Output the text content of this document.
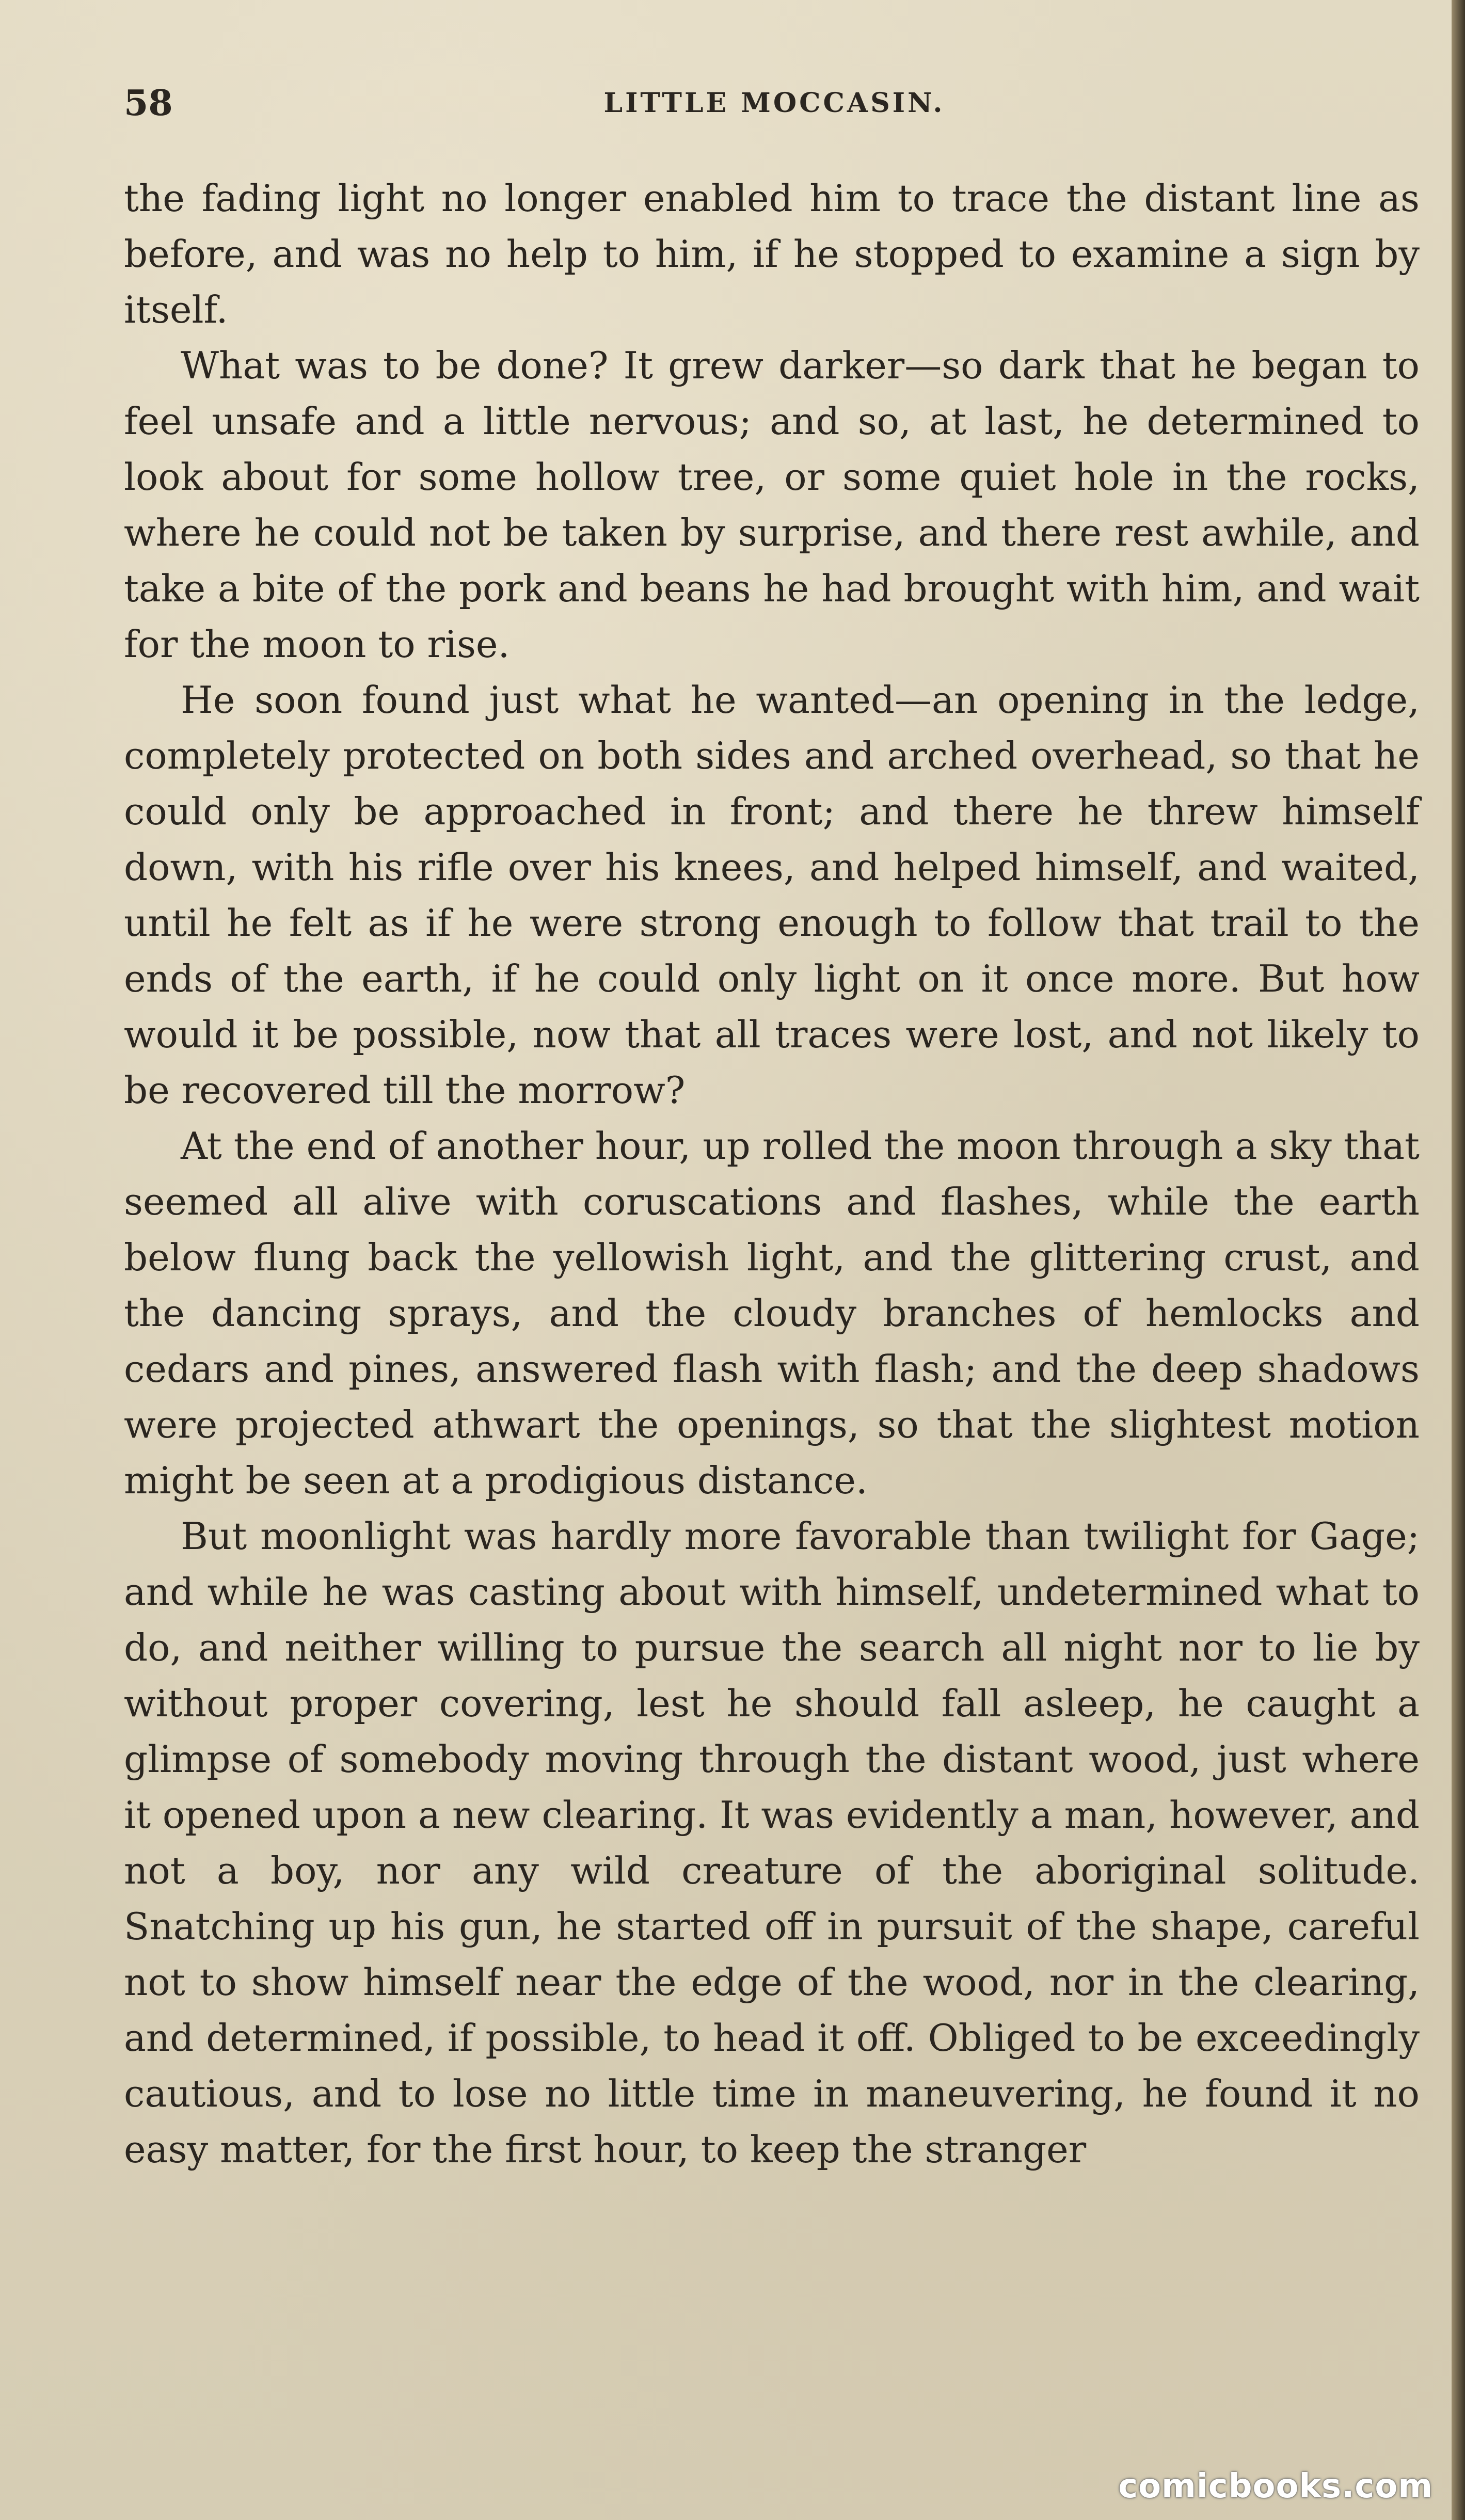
58	LITTLE MOCCASIN.

the fading light no longer enabled him to trace the distant line as before, and was no help to him, if he stopped to examine a sign by itself.

What was to be done? It grew darker—so dark that he began to feel unsafe and a little nervous; and so, at last, he determined to look about for some hollow tree, or some quiet hole in the rocks, where he could not be taken by surprise, and there rest awhile, and take a bite of the pork and beans he had brought with him, and wait for the moon to rise.

He soon found just what he wanted—an opening in the ledge, completely protected on both sides and arched overhead, so that he could only be approached in front; and there he threw himself down, with his rifle over his knees, and helped himself, and waited, until he felt as if he were strong enough to follow that trail to the ends of the earth, if he could only light on it once more. But how would it be possible, now that all traces were lost, and not likely to be recovered till the morrow?

At the end of another hour, up rolled the moon through a sky that seemed all alive with coruscations and flashes, while the earth below flung back the yellowish light, and the glittering crust, and the dancing sprays, and the cloudy branches of hemlocks and cedars and pines, answered flash with flash; and the deep shadows were projected athwart the openings, so that the slightest motion might be seen at a prodigious distance.

But moonlight was hardly more favorable than twilight for Gage; and while he was casting about with himself, undetermined what to do, and neither willing to pursue the search all night nor to lie by without proper covering, lest he should fall asleep, he caught a glimpse of somebody moving through the distant wood, just where it opened upon a new clearing. It was evidently a man, however, and not a boy, nor any wild creature of the aboriginal solitude. Snatching up his gun, he started off in pursuit of the shape, careful not to show himself near the edge of the wood, nor in the clearing, and determined, if possible, to head it off. Obliged to be exceedingly cautious, and to lose no little time in maneuvering, he found it no easy matter, for the first hour, to keep the stranger

comicbooks.com
